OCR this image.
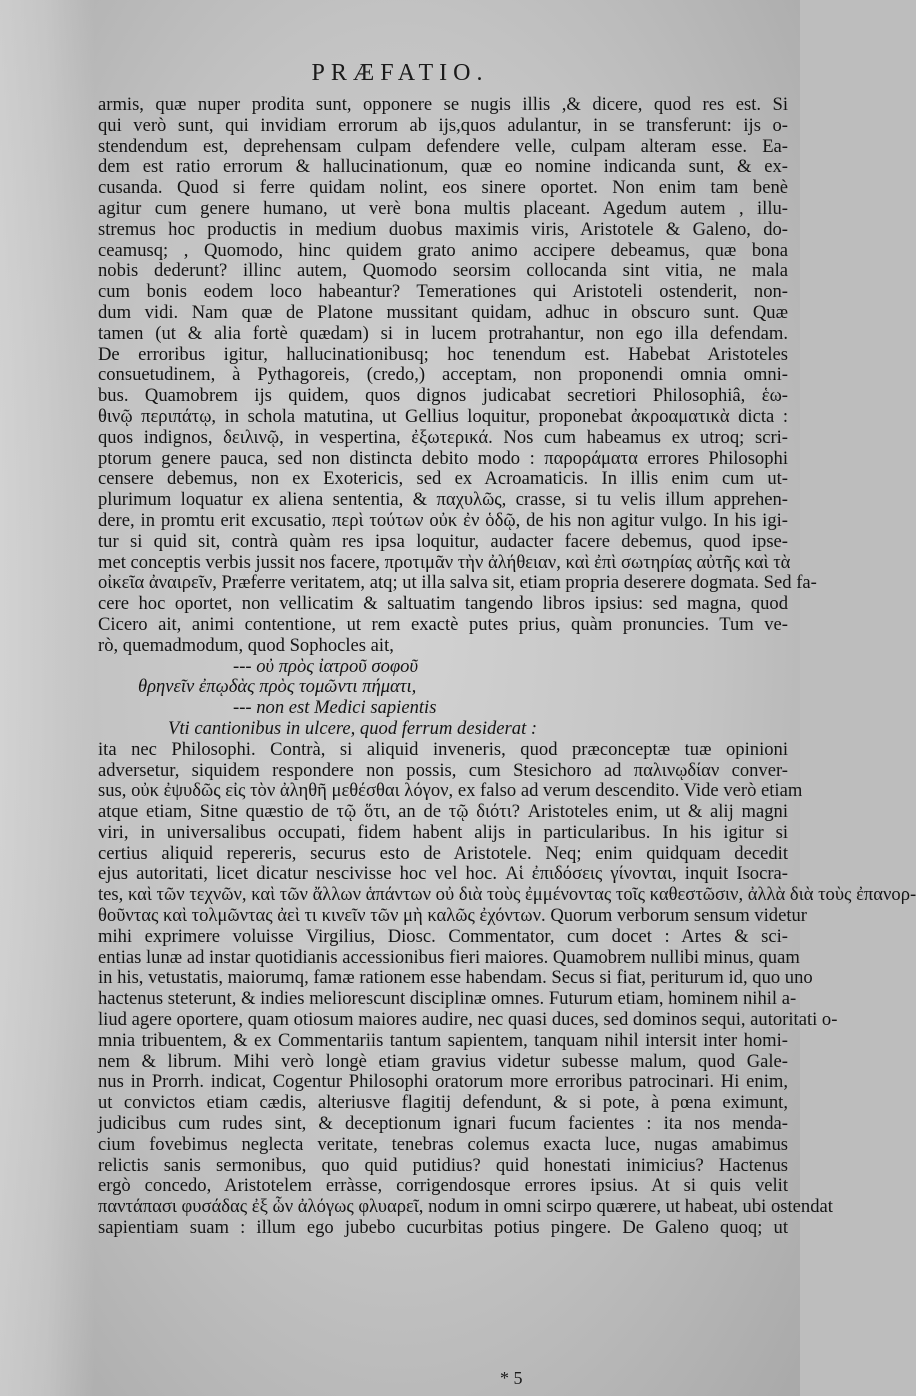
PRÆFATIO.
armis, quæ nuper prodita sunt, opponere se nugis illis ,& dicere, quod res est. Si
qui verò sunt, qui invidiam errorum ab ijs,quos adulantur, in se transferunt: ijs o-
stendendum est, deprehensam culpam defendere velle, culpam alteram esse. Ea-
dem est ratio errorum & hallucinationum, quæ eo nomine indicanda sunt, & ex-
cusanda. Quod si ferre quidam nolint, eos sinere oportet. Non enim tam benè
agitur cum genere humano, ut verè bona multis placeant. Agedum autem , illu-
stremus hoc productis in medium duobus maximis viris, Aristotele & Galeno, do-
ceamusq; , Quomodo, hinc quidem grato animo accipere debeamus, quæ bona
nobis dederunt? illinc autem, Quomodo seorsim collocanda sint vitia, ne mala
cum bonis eodem loco habeantur? Temerationes qui Aristoteli ostenderit, non-
dum vidi. Nam quæ de Platone mussitant quidam, adhuc in obscuro sunt. Quæ
tamen (ut & alia fortè quædam) si in lucem protrahantur, non ego illa defendam.
De erroribus igitur, hallucinationibusq; hoc tenendum est. Habebat Aristoteles
consuetudinem, à Pythagoreis, (credo,) acceptam, non proponendi omnia omni-
bus. Quamobrem ijs quidem, quos dignos judicabat secretiori Philosophiâ, ἑω-
θινῷ περιπάτῳ, in schola matutina, ut Gellius loquitur, proponebat ἀκροαματικὰ dicta :
quos indignos, δειλινῷ, in vespertina, ἐξωτερικά. Nos cum habeamus ex utroq; scri-
ptorum genere pauca, sed non distincta debito modo : παροράματα errores Philosophi
censere debemus, non ex Exotericis, sed ex Acroamaticis. In illis enim cum ut-
plurimum loquatur ex aliena sententia, & παχυλῶς, crasse, si tu velis illum apprehen-
dere, in promtu erit excusatio, περὶ τούτων οὐκ ἐν ὁδῷ, de his non agitur vulgo. In his igi-
tur si quid sit, contrà quàm res ipsa loquitur, audacter facere debemus, quod ipse-
met conceptis verbis jussit nos facere, προτιμᾶν τὴν ἀλήθειαν, καὶ ἐπὶ σωτηρίας αὐτῆς καὶ τὰ
οἰκεῖα ἀναιρεῖν, Præferre veritatem, atq; ut illa salva sit, etiam propria deserere dogmata. Sed fa-
cere hoc oportet, non vellicatim & saltuatim tangendo libros ipsius: sed magna, quod
Cicero ait, animi contentione, ut rem exactè putes prius, quàm pronuncies. Tum ve-
rò, quemadmodum, quod Sophocles ait,
--- οὐ πρὸς ἰατροῦ σοφοῦ
θρηνεῖν ἐπῳδὰς πρὸς τομῶντι πήματι,
--- non est Medici sapientis
Vti cantionibus in ulcere, quod ferrum desiderat :
ita nec Philosophi. Contrà, si aliquid inveneris, quod præconceptæ tuæ opinioni
adversetur, siquidem respondere non possis, cum Stesichoro ad παλινῳδίαν conver-
sus, οὐκ ἐψυδῶς εἰς τὸν ἀληθῆ μεθέσθαι λόγον, ex falso ad verum descendito. Vide verò etiam
atque etiam, Sitne quæstio de τῷ ὅτι, an de τῷ διότι? Aristoteles enim, ut & alij magni
viri, in universalibus occupati, fidem habent alijs in particularibus. In his igitur si
certius aliquid repereris, securus esto de Aristotele. Neq; enim quidquam decedit
ejus autoritati, licet dicatur nescivisse hoc vel hoc. Αἱ ἐπιδόσεις γίνονται, inquit Isocra-
tes, καὶ τῶν τεχνῶν, καὶ τῶν ἄλλων ἁπάντων οὐ διὰ τοὺς ἐμμένοντας τοῖς καθεστῶσιν, ἀλλὰ διὰ τοὺς ἐπανορ-
θοῦντας καὶ τολμῶντας ἀεὶ τι κινεῖν τῶν μὴ καλῶς ἐχόντων. Quorum verborum sensum videtur
mihi exprimere voluisse Virgilius, Diosc. Commentator, cum docet : Artes & sci-
entias lunæ ad instar quotidianis accessionibus fieri maiores. Quamobrem nullibi minus, quam
in his, vetustatis, maiorumq, famæ rationem esse habendam. Secus si fiat, periturum id, quo uno
hactenus steterunt, & indies meliorescunt disciplinæ omnes. Futurum etiam, hominem nihil a-
liud agere oportere, quam otiosum maiores audire, nec quasi duces, sed dominos sequi, autoritati o-
mnia tribuentem, & ex Commentariis tantum sapientem, tanquam nihil intersit inter homi-
nem & librum. Mihi verò longè etiam gravius videtur subesse malum, quod Gale-
nus in Prorrh. indicat, Cogentur Philosophi oratorum more erroribus patrocinari. Hi enim,
ut convictos etiam cædis, alteriusve flagitij defendunt, & si pote, à pœna eximunt,
judicibus cum rudes sint, & deceptionum ignari fucum facientes : ita nos menda-
cium fovebimus neglecta veritate, tenebras colemus exacta luce, nugas amabimus
relictis sanis sermonibus, quo quid putidius? quid honestati inimicius? Hactenus
ergò concedo, Aristotelem erràsse, corrigendosque errores ipsius. At si quis velit
παντάπασι φυσάδας ἐξ ὧν ἀλόγως φλυαρεῖ, nodum in omni scirpo quærere, ut habeat, ubi ostendat
sapientiam suam : illum ego jubebo cucurbitas potius pingere. De Galeno quoq; ut
* 5
